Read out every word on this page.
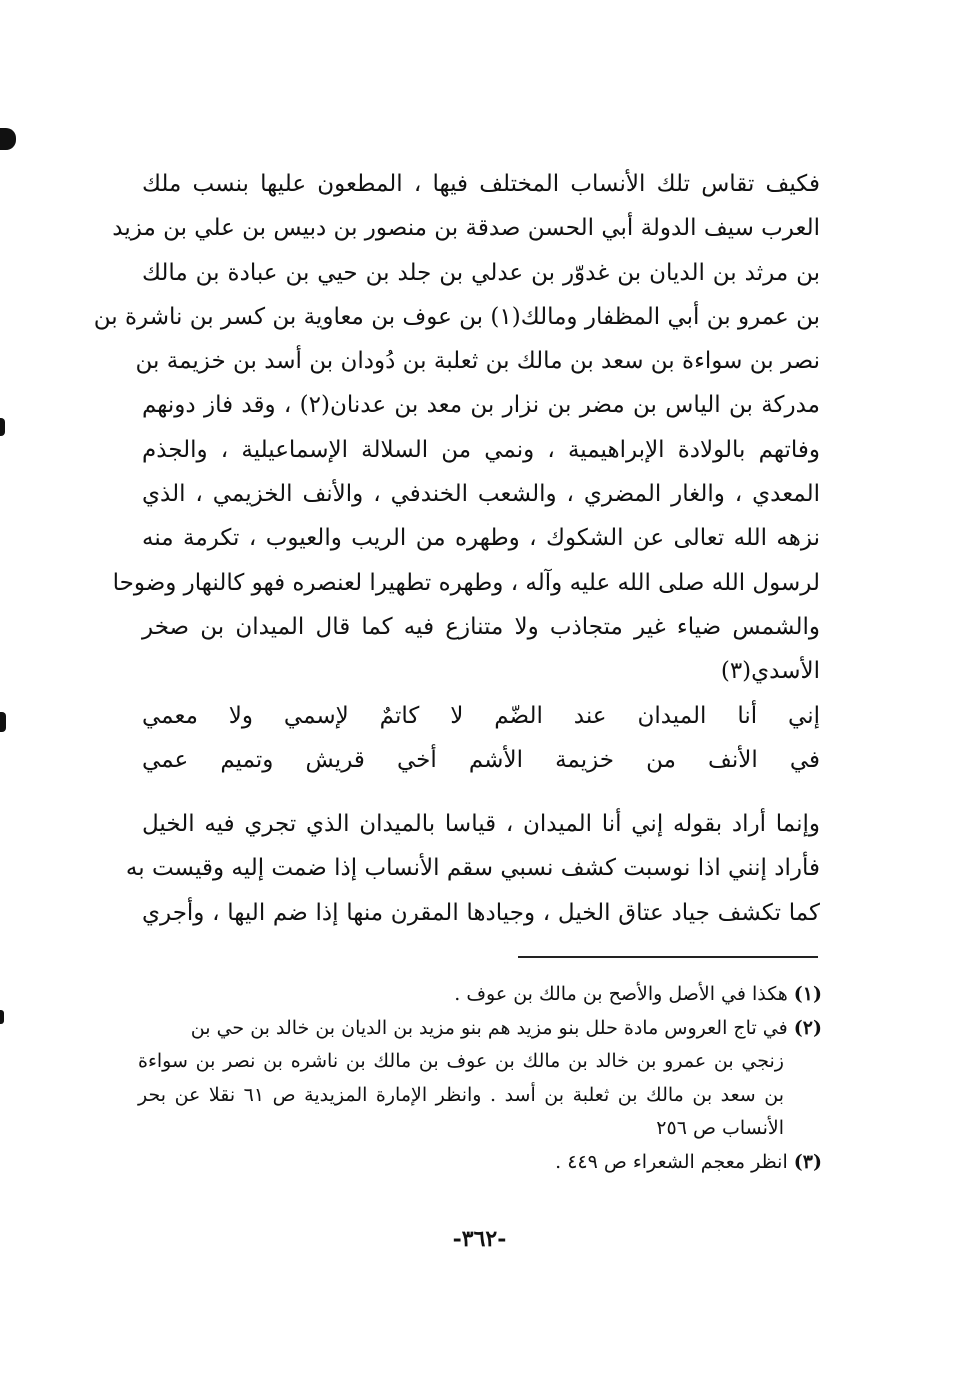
فكيف تقاس تلك الأنساب المختلف فيها ، المطعون عليها بنسب ملك
العرب سيف الدولة أبي الحسن صدقة بن منصور بن دبيس بن علي بن مزيد
بن مرثد بن الديان بن غدوّر بن عدلي بن جلد بن حيي بن عبادة بن مالك
بن عمرو بن أبي المظفار ومالك(١) بن عوف بن معاوية بن كسر بن ناشرة بن
نصر بن سواءة بن سعد بن مالك بن ثعلبة بن دُودان بن أسد بن خزيمة بن
مدركة بن الياس بن مضر بن نزار بن معد بن عدنان(٢) ، وقد فاز دونهم
وفاتهم بالولادة الإبراهيمية ، ونمي من السلالة الإسماعيلية ، والجذم
المعدي ، والغار المضري ، والشعب الخندفي ، والأنف الخزيمي ، الذي
نزهه الله تعالى عن الشكوك ، وطهره من الريب والعيوب ، تكرمة منه
لرسول الله صلى الله عليه وآله ، وطهره تطهيرا لعنصره فهو كالنهار وضوحا
والشمس ضياء غير متجاذب ولا متنازع فيه كما قال الميدان بن صخر
الأسدي(٣)
إني
أنا
الميدان
عند
الضّم
لا
كاتمٌ
لإسمي
ولا
معمي
في
الأنف
من
خزيمة
الأشم
أخي
قريش
وتميم
عمي
وإنما أراد بقوله إني أنا الميدان ، قياسا بالميدان الذي تجري فيه الخيل
فأراد إنني اذا نوسبت كشف نسبي سقم الأنساب إذا ضمت إليه وقيست به
كما تكشف جياد عتاق الخيل ، وجيادها المقرن منها إذا ضم اليها ، وأجري
(١) هكذا في الأصل والأصح بن مالك بن عوف .
(٢) في تاج العروس مادة حلل بنو مزيد هم بنو مزيد بن الديان بن خالد بن حي بن
زنجي بن عمرو بن خالد بن مالك بن عوف بن مالك بن ناشره بن نصر بن سواءة
بن سعد بن مالك بن ثعلبة بن أسد . وانظر الإمارة المزيدية ص ٦١ نقلا عن بحر
الأنساب ص ٢٥٦
(٣) انظر معجم الشعراء ص ٤٤٩ .
-٣٦٢-
